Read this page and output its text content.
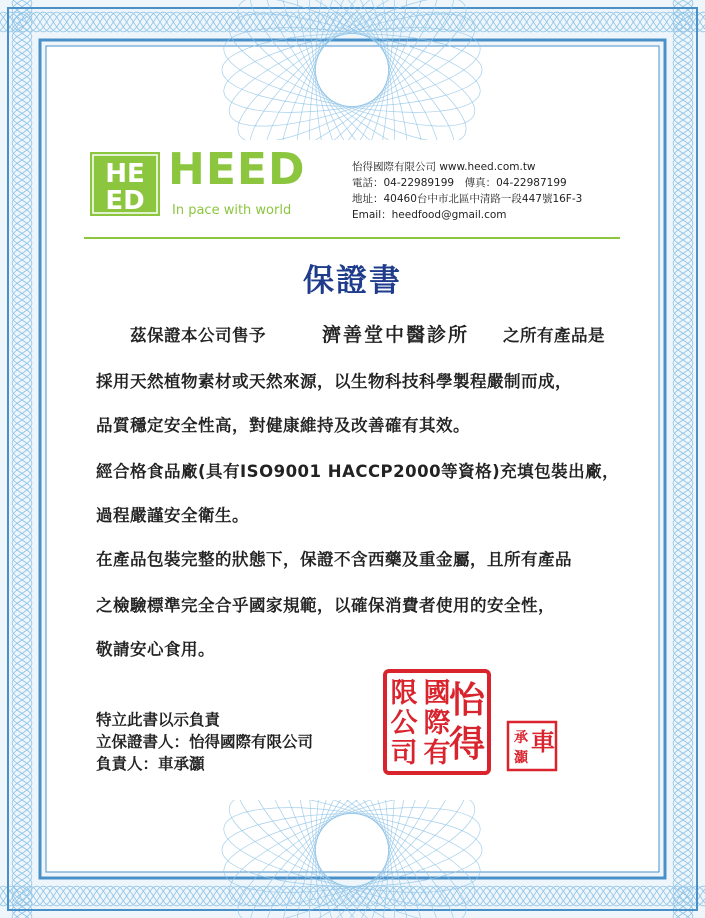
HE
ED
HEED
In pace with world
怡得國際有限公司 www.heed.com.tw
電話：04-22989199　傳真：04-22987199
地址：40460台中市北區中清路一段447號16F-3
Email：heedfood@gmail.com
保證書
茲保證本公司售予	濟善堂中醫診所 之所有產品是
採用天然植物素材或天然來源，以生物科技科學製程嚴制而成，
品質穩定安全性高，對健康維持及改善確有其效。
經合格食品廠(具有ISO9001 HACCP2000等資格)充填包裝出廠，
過程嚴謹安全衛生。
在產品包裝完整的狀態下，保證不含西藥及重金屬，且所有產品
之檢驗標準完全合乎國家規範，以確保消費者使用的安全性，
敬請安心食用。
特立此書以示負責
立保證書人：怡得國際有限公司
負責人：車承灝
怡
得
國
際
有
限
公
司	車
承
灝
